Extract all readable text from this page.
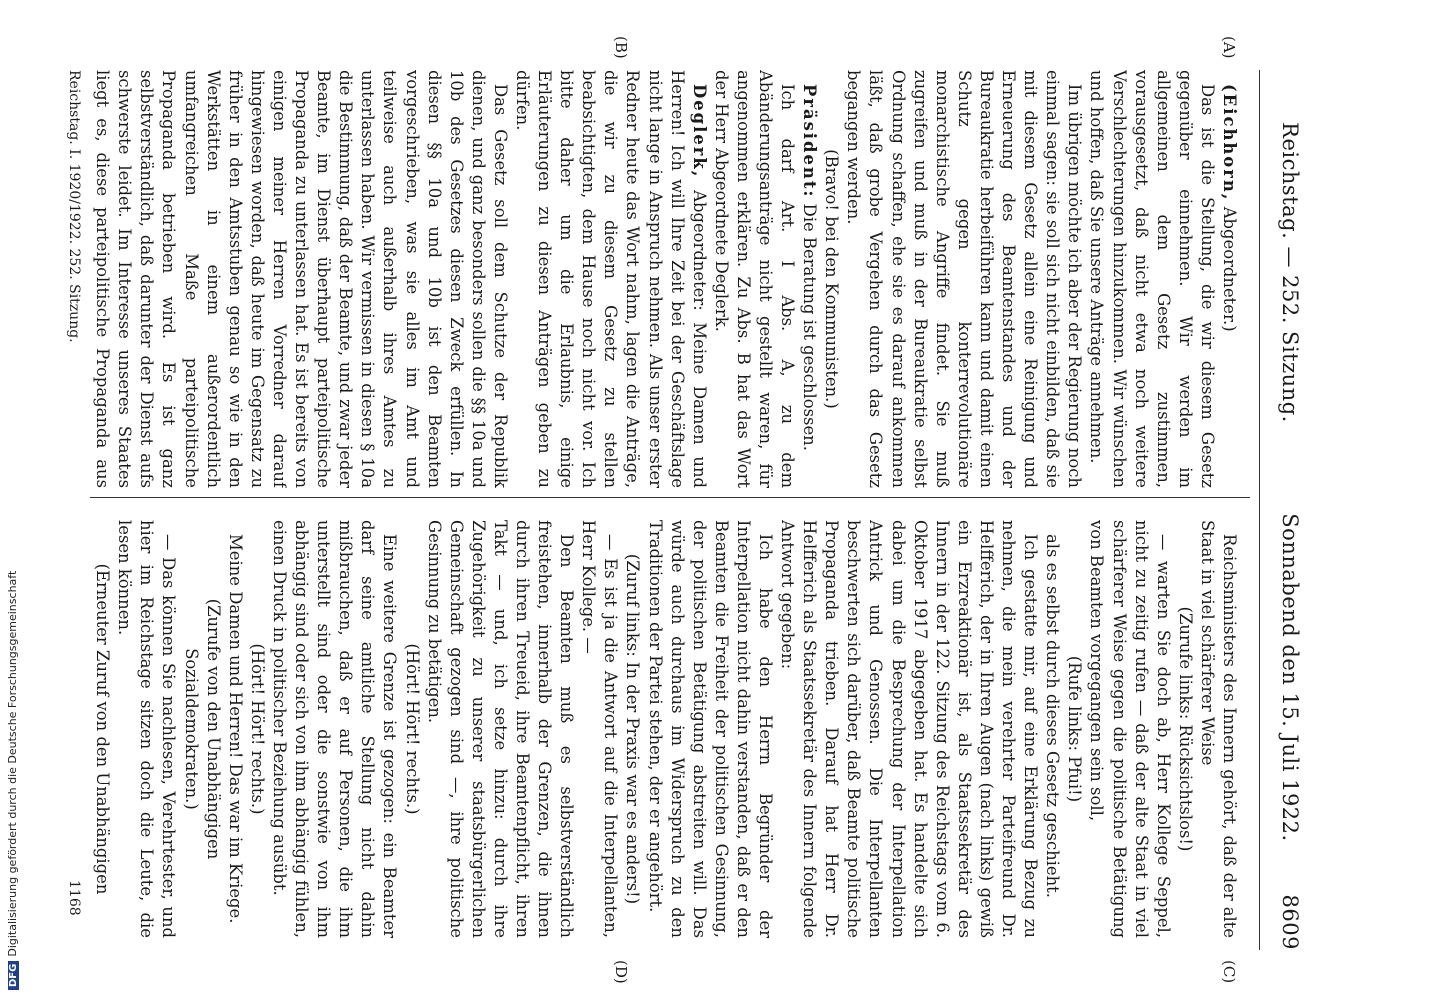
Reichstag. — 252. Sitzung.
Sonnabend den 15. Juli 1922.
8609
(A)
(B)
(C)
(D)

(Eichhorn, Abgeordneter.)

Das ist die Stellung, die wir diesem Gesetz gegenüber einnehmen. Wir werden im allgemeinen dem Gesetz zustimmen, vorausgesetzt, daß nicht etwa noch weitere Verschlechterungen hinzukommen. Wir wünschen und hoffen, daß Sie unsere Anträge annehmen.

Im übrigen möchte ich aber der Regierung noch einmal sagen: sie soll sich nicht einbilden, daß sie mit diesem Gesetz allein eine Reinigung und Erneuerung des Beamtenstandes und der Bureaukratie herbeiführen kann und damit einen Schutz gegen konterrevolutionäre monarchistische Angriffe findet. Sie muß zugreifen und muß in der Bureaukratie selbst Ordnung schaffen, ehe sie es darauf ankommen läßt, daß grobe Vergehen durch das Gesetz begangen werden.

(Bravo! bei den Kommunisten.)

Präsident: Die Beratung ist geschlossen.

Ich darf Art. I Abs. A, zu dem Abänderungsanträge nicht gestellt waren, für angenommen erklären. Zu Abs. B hat das Wort der Herr Abgeordnete Deglerk.

Deglerk, Abgeordneter: Meine Damen und Herren! Ich will Ihre Zeit bei der Geschäftslage nicht lange in Anspruch nehmen. Als unser erster Redner heute das Wort nahm, lagen die Anträge, die wir zu diesem Gesetz zu stellen beabsichtigten, dem Hause noch nicht vor. Ich bitte daher um die Erlaubnis, einige Erläuterungen zu diesen Anträgen geben zu dürfen.

Das Gesetz soll dem Schutze der Republik dienen, und ganz besonders sollen die §§ 10a und 10b des Gesetzes diesen Zweck erfüllen. In diesen §§ 10a und 10b ist den Beamten vorgeschrieben, was sie alles im Amt und teilweise auch außerhalb ihres Amtes zu unterlassen haben. Wir vermissen in diesen § 10a die Bestimmung, daß der Beamte, und zwar jeder Beamte, im Dienst überhaupt parteipolitische Propaganda zu unterlassen hat. Es ist bereits von einigen meiner Herren Vorredner darauf hingewiesen worden, daß heute im Gegensatz zu früher in den Amtsstuben genau so wie in den Werkstätten in einem außerordentlich umfangreichen Maße parteipolitische Propaganda betrieben wird. Es ist ganz selbstverständlich, daß darunter der Dienst aufs schwerste leidet. Im Interesse unseres Staates liegt es, diese parteipolitische Propaganda aus

Reichsministers des Innern gehört, daß der alte Staat in viel schärferer Weise

(Zurufe links: Rücksichtslos!)

— warten Sie doch ab, Herr Kollege Seppel, nicht zu zeitig rufen — daß der alte Staat in viel schärferer Weise gegen die politische Betätigung von Beamten vorgegangen sein soll,

(Rufe links: Pfui!)

als es selbst durch dieses Gesetz geschieht.

Ich gestatte mir, auf eine Erklärung Bezug zu nehmen, die mein verehrter Parteifreund Dr. Helfferich, der in Ihren Augen (nach links) gewiß ein Erzreaktionär ist, als Staatssekretär des Innern in der 122. Sitzung des Reichstags vom 6. Oktober 1917 abgegeben hat. Es handelte sich dabei um die Besprechung der Interpellation Antrick und Genossen. Die Interpellanten beschwerten sich darüber, daß Beamte politische Propaganda trieben. Darauf hat Herr Dr. Helfferich als Staatssekretär des Innern folgende Antwort gegeben:

Ich habe den Herrn Begründer der Interpellation nicht dahin verstanden, daß er den Beamten die Freiheit der politischen Gesinnung, der politischen Betätigung abstreiten will. Das würde auch durchaus im Widerspruch zu den Traditionen der Partei stehen, der er angehört.

(Zuruf links: In der Praxis war es anders!)

— Es ist ja die Antwort auf die Interpellanten, Herr Kollege. —

Den Beamten muß es selbstverständlich freistehen, innerhalb der Grenzen, die ihnen durch ihren Treueid, ihre Beamtenpflicht, ihren Takt — und, ich setze hinzu: durch ihre Zugehörigkeit zu unserer staatsbürgerlichen Gemeinschaft gezogen sind —, ihre politische Gesinnung zu betätigen.

(Hört! Hört! rechts.)

Eine weitere Grenze ist gezogen: ein Beamter darf seine amtliche Stellung nicht dahin mißbrauchen, daß er auf Personen, die ihm unterstellt sind oder die sonstwie von ihm abhängig sind oder sich von ihm abhängig fühlen, einen Druck in politischer Beziehung ausübt.

(Hört! Hört! rechts.)

Meine Damen und Herren! Das war im Kriege.

(Zurufe von den Unabhängigen Sozialdemokraten.)

— Das können Sie nachlesen, Verehrtester, und hier im Reichstage sitzen doch die Leute, die lesen können.

(Erneuter Zuruf von den Unabhängigen

Reichstag. I. 1920/1922. 252. Sitzung.
1168
DFGDigitalisierung gefördert durch die Deutsche Forschungsgemeinschaft
